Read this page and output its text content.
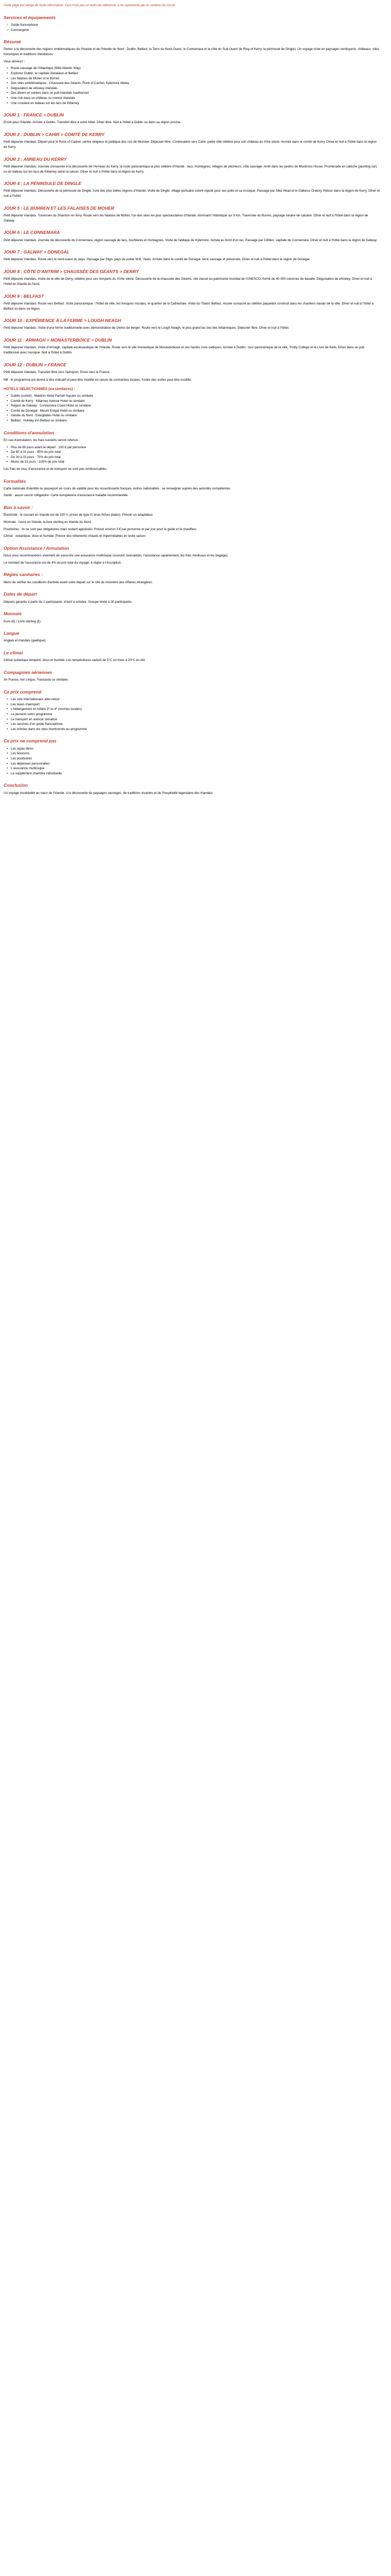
Cette page est vierge de toute information. Ceci n'est pas un texte de référence, il ne représente pas le contenu du circuit.

Services et équipements
✓ Guide francophone
✓ Conciergerie
Résumé

Partez à la découverte des régions emblématiques de l'Irlande et de l'Irlande du Nord : Dublin, Belfast, la Terre du Nord-Ouest, le Connemara et la côte du Sud-Ouest (le Ring of Kerry, la péninsule de Dingle). Un voyage riche en paysages verdoyants, châteaux, sites historiques et traditions irlandaises.

Vous aimerez :

• Route sauvage de l'Atlantique (Wild Atlantic Way)
• Explorez Dublin, la capitale irlandaise et Belfast
• Les falaises de Moher et le Burren
• Des sites emblématiques : Chaussée des Géants, Rock of Cashel, Kylemore Abbey
• Dégustation de whiskey irlandais
• Des dîners et soirées dans un pub irlandais traditionnel
• Une nuit dans un château ou manoir irlandais
• Une croisière en bateau sur les lacs de Killarney
JOUR 1 : FRANCE > DUBLIN

Envol pour l'Irlande. Arrivée à Dublin. Transfert libre à votre hôtel. Dîner libre. Nuit à l'hôtel à Dublin ou dans sa région proche.

JOUR 2 : DUBLIN > CAHIR > COMTÉ DE KERRY

Petit déjeuner irlandais. Départ pour le Rock of Cashel, centre religieux et politique des rois de Munster. Déjeuner libre. Continuation vers Cahir, petite ville célèbre pour son château du XIIIe siècle. Arrivée dans le comté de Kerry. Dîner et nuit à l'hôtel dans la région de Kerry.

JOUR 3 : ANNEAU DU KERRY

Petit déjeuner irlandais. Journée consacrée à la découverte de l'Anneau du Kerry, la route panoramique la plus célèbre d'Irlande : lacs, montagnes, villages de pêcheurs, côte sauvage. Arrêt dans les jardins de Muckross House. Promenade en calèche (jaunting car) ou en bateau sur les lacs de Killarney selon la saison. Dîner et nuit à l'hôtel dans la région de Kerry.

JOUR 4 : LA PÉNINSULE DE DINGLE

Petit déjeuner irlandais. Découverte de la péninsule de Dingle, l'une des plus belles régions d'Irlande. Visite de Dingle, village portuaire coloré réputé pour ses pubs et sa musique. Passage par Slea Head et le Gallarus Oratory. Retour dans la région de Kerry. Dîner et nuit à l'hôtel.

JOUR 5 : LE BURREN ET LES FALAISES DE MOHER

Petit déjeuner irlandais. Traversée du Shannon en ferry. Route vers les falaises de Moher, l'un des sites les plus spectaculaires d'Irlande, dominant l'Atlantique sur 8 km. Traversée du Burren, paysage lunaire de calcaire. Dîner et nuit à l'hôtel dans la région de Galway.

JOUR 6 : LE CONNEMARA

Petit déjeuner irlandais. Journée de découverte du Connemara, région sauvage de lacs, tourbières et montagnes. Visite de l'abbaye de Kylemore, nichée au bord d'un lac. Passage par Clifden, capitale du Connemara. Dîner et nuit à l'hôtel dans la région de Galway.

JOUR 7 : GALWAY > DONEGAL

Petit déjeuner irlandais. Route vers le nord-ouest du pays. Passage par Sligo, pays du poète W.B. Yeats. Arrivée dans le comté de Donegal, terre sauvage et préservée. Dîner et nuit à l'hôtel dans la région de Donegal.

JOUR 8 : CÔTE D'ANTRIM > CHAUSSÉE DES GÉANTS > DERRY

Petit déjeuner irlandais. Visite de la ville de Derry, célèbre pour ses remparts du XVIIe siècle. Découverte de la chaussée des Géants, site classé au patrimoine mondial de l'UNESCO, formé de 40 000 colonnes de basalte. Dégustation de whiskey. Dîner et nuit à l'hôtel en Irlande du Nord.

JOUR 9 : BELFAST

Petit déjeuner irlandais. Route vers Belfast. Visite panoramique : l'hôtel de ville, les fresques murales, le quartier de la Cathédrale. Visite du Titanic Belfast, musée consacré au célèbre paquebot construit dans les chantiers navals de la ville. Dîner et nuit à l'hôtel à Belfast ou dans sa région.

JOUR 10 : EXPÉRIENCE À LA FERME > LOUGH NEAGH

Petit déjeuner irlandais. Visite d'une ferme traditionnelle avec démonstration de chiens de berger. Route vers le Lough Neagh, le plus grand lac des îles britanniques. Déjeuner libre. Dîner et nuit à l'hôtel.

JOUR 11 : ARMAGH > MONASTERBOICE > DUBLIN

Petit déjeuner irlandais. Visite d'Armagh, capitale ecclésiastique de l'Irlande. Route vers le site monastique de Monasterboice et ses hautes croix celtiques. Arrivée à Dublin : tour panoramique de la ville, Trinity College et le Livre de Kells. Dîner dans un pub traditionnel avec musique. Nuit à l'hôtel à Dublin.

JOUR 12 : DUBLIN > FRANCE

Petit déjeuner irlandais. Transfert libre vers l'aéroport. Envol vers la France.

NB : le programme est donné à titre indicatif et peut être modifié en raison de contraintes locales, l'ordre des visites peut être modifié.

HÔTELS SÉLECTIONNÉS (ou similaires) :
• Dublin (comté) : Maldron Hotel Parnell Square ou similaire
• Comté de Kerry : Killarney Avenue Hotel ou similaire
• Région de Galway : Connemara Coast Hotel ou similaire
• Comté de Donegal : Mount Errigal Hotel ou similaire
• Irlande du Nord : Everglades Hotel ou similaire
• Belfast : Holiday Inn Belfast ou similaire
Conditions d'annulation

En cas d'annulation, les frais suivants seront retenus :

• Plus de 60 jours avant le départ : 100 € par personne
• De 60 à 31 jours : 35% du prix total
• De 30 à 15 jours : 75% du prix total
• Moins de 15 jours : 100% du prix total

Les frais de visa, d'assurance et de transport ne sont pas remboursables.

Formalités

Carte nationale d'identité ou passeport en cours de validité pour les ressortissants français. Autres nationalités : se renseigner auprès des autorités compétentes.

Santé : aucun vaccin obligatoire. Carte européenne d'assurance maladie recommandée.

Bon à savoir :

Électricité : le courant en Irlande est de 230 V, prises de type G (trois fiches plates). Prévoir un adaptateur.

Monnaie : l'euro en Irlande, la livre sterling en Irlande du Nord.

Pourboires : ils ne sont pas obligatoires mais restent appréciés. Prévoir environ 3 € par personne et par jour pour le guide et le chauffeur.

Climat : océanique, doux et humide. Prévoir des vêtements chauds et imperméables en toute saison.

Option Assistance / Annulation

Nous vous recommandons vivement de souscrire une assurance multirisque couvrant l'annulation, l'assistance rapatriement, les frais médicaux et les bagages.

Le montant de l'assurance est de 4% du prix total du voyage, à régler à l'inscription.

Règles sanitaires :

Merci de vérifier les conditions d'entrée avant votre départ sur le site du ministère des Affaires étrangères.

Dates de départ

Départs garantis à partir de 2 participants, d'avril à octobre. Groupe limité à 30 participants.

Monnaie

Euro (€) / Livre sterling (£)

Langue

Anglais et irlandais (gaélique)

Le climat

Climat océanique tempéré, doux et humide. Les températures varient de 5°C en hiver à 20°C en été.

Compagnies aériennes

Air France, Aer Lingus, Transavia ou similaire.

Ce prix comprend
• Les vols internationaux aller-retour
• Les taxes d'aéroport
• L'hébergement en hôtels 3* et 4* (normes locales)
• La pension selon programme
• Le transport en autocar climatisé
• Les services d'un guide francophone
• Les entrées dans les sites mentionnés au programme
Ce prix ne comprend pas
• Les repas libres
• Les boissons
• Les pourboires
• Les dépenses personnelles
• L'assurance multirisque
• Le supplément chambre individuelle
Conclusion

Un voyage inoubliable au cœur de l'Irlande, à la découverte de paysages sauvages, de traditions vivantes et de l'hospitalité légendaire des Irlandais.
